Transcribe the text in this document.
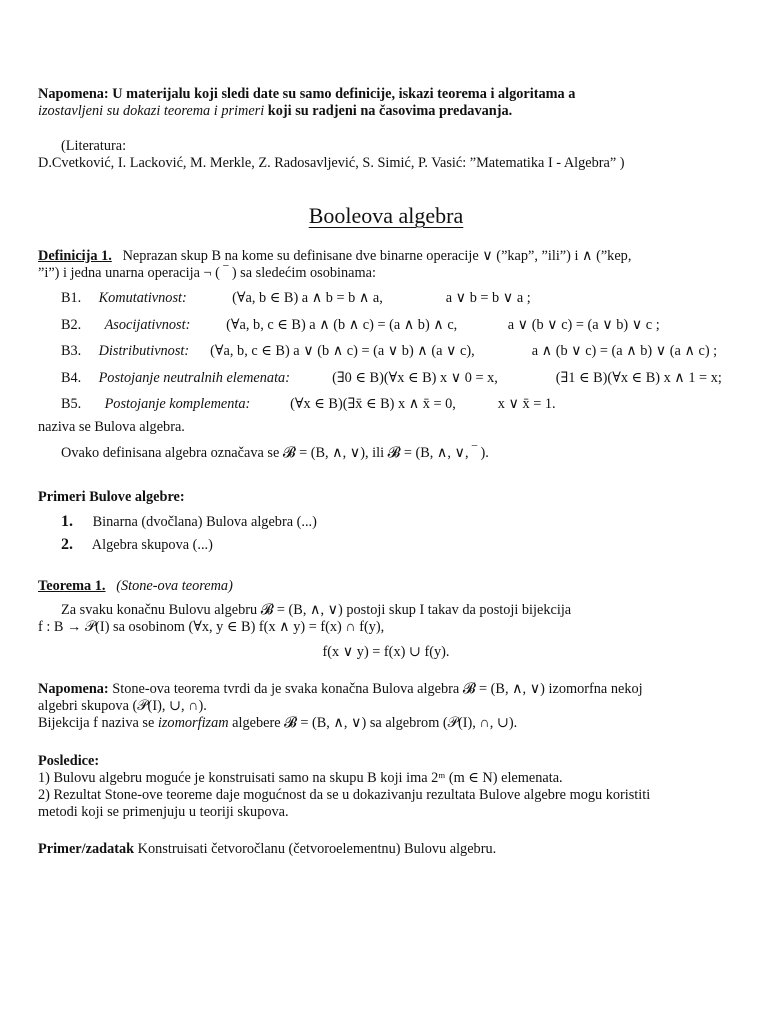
Napomena: U materijalu koji sledi date su samo definicije, iskazi teorema i algoritama a
izostavljeni su dokazi teorema i primeri koji su radjeni na časovima predavanja.

(Literatura:

D.Cvetković, I. Lacković, M. Merkle, Z. Radosavljević, S. Simić, P. Vasić: ”Matematika I - Algebra” )

Booleova algebra

Definicija 1. Neprazan skup B na kome su definisane dve binarne operacije ∨ (”kap”, ”ili”) i ∧ (”kep,
”i”) i jedna unarna operacija ¬ ( ‾ ) sa sledećim osobinama:

B1. Komutativnost:	(∀a, b ∈ B) a ∧ b = b ∧ a,	a ∨ b = b ∨ a ;
B2. Asocijativnost:	(∀a, b, c ∈ B) a ∧ (b ∧ c) = (a ∧ b) ∧ c,	a ∨ (b ∨ c) = (a ∨ b) ∨ c ;
B3. Distributivnost: (∀a, b, c ∈ B) a ∨ (b ∧ c) = (a ∨ b) ∧ (a ∨ c),	a ∧ (b ∨ c) = (a ∧ b) ∨ (a ∧ c) ;
B4. Postojanje neutralnih elemenata:	(∃0 ∈ B)(∀x ∈ B) x ∨ 0 = x,	(∃1 ∈ B)(∀x ∈ B) x ∧ 1 = x;
B5. Postojanje komplementa:	(∀x ∈ B)(∃x̄ ∈ B) x ∧ x̄ = 0,	x ∨ x̄ = 1.

naziva se Bulova algebra.

Ovako definisana algebra označava se 𝓑 = (B, ∧, ∨), ili 𝓑 = (B, ∧, ∨, ‾ ).

Primeri Bulove algebre:

1. Binarna (dvočlana) Bulova algebra (...)
2. Algebra skupova (...)

Teorema 1. (Stone-ova teorema)

Za svaku konačnu Bulovu algebru 𝓑 = (B, ∧, ∨) postoji skup I takav da postoji bijekcija

f : B → 𝒫(I) sa osobinom (∀x, y ∈ B) f(x ∧ y) = f(x) ∩ f(y),

f(x ∨ y) = f(x) ∪ f(y).

Napomena: Stone-ova teorema tvrdi da je svaka konačna Bulova algebra 𝓑 = (B, ∧, ∨) izomorfna nekoj

algebri skupova (𝒫(I), ∪, ∩).

Bijekcija f naziva se izomorfizam algebere 𝓑 = (B, ∧, ∨) sa algebrom (𝒫(I), ∩, ∪).

Posledice:

1) Bulovu algebru moguće je konstruisati samo na skupu B koji ima 2ᵐ (m ∈ N) elemenata.

2) Rezultat Stone-ove teoreme daje mogućnost da se u dokazivanju rezultata Bulove algebre mogu koristiti

metodi koji se primenjuju u teoriji skupova.

Primer/zadatak Konstruisati četvoročlanu (četvoroelementnu) Bulovu algebru.
